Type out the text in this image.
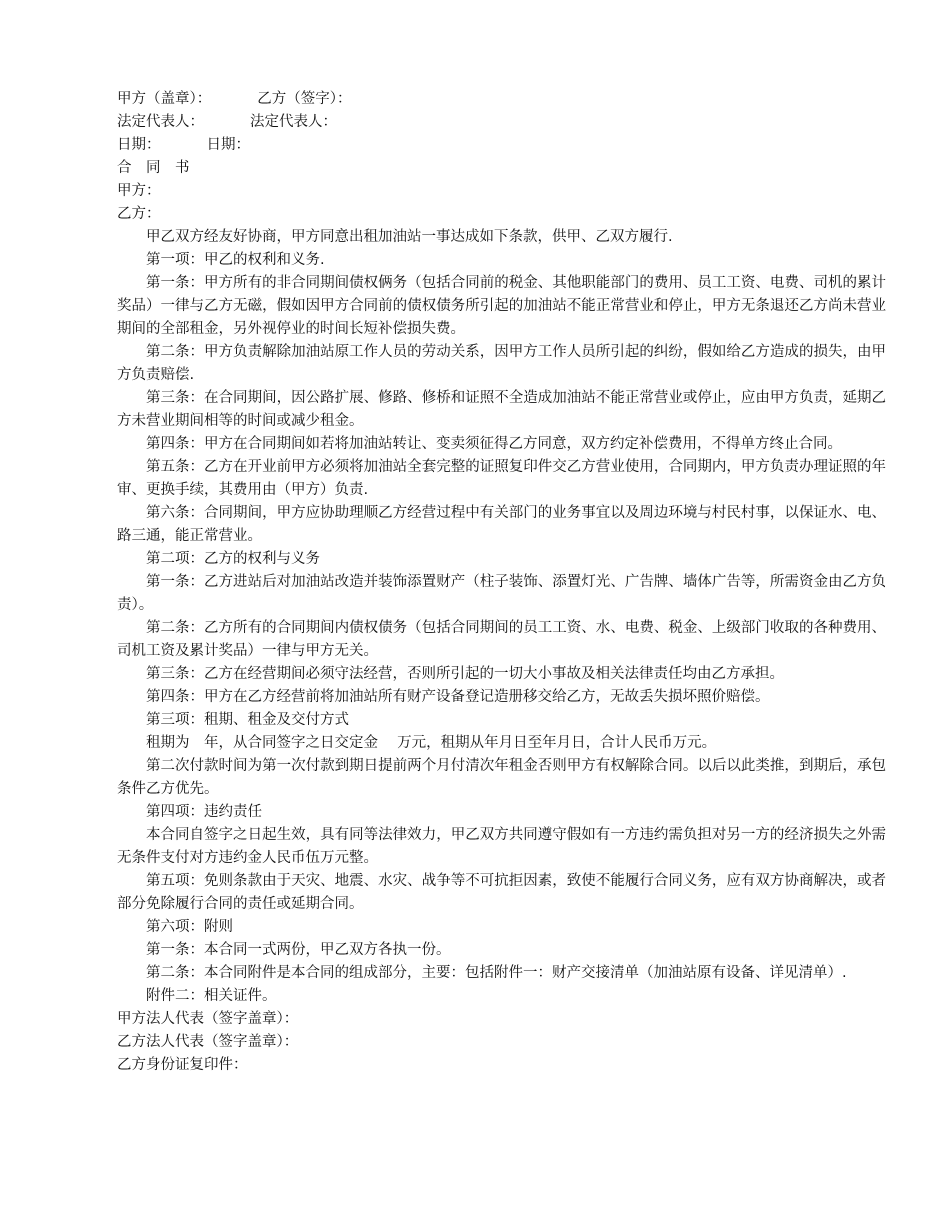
甲方（盖章）：	乙方（签字）：

法定代表人：	法定代表人：

日期：	日期：

合　同　书

甲方：

乙方：

甲乙双方经友好协商，甲方同意出租加油站一事达成如下条款，供甲、乙双方履行.

第一项：甲乙的权利和义务.

第一条：甲方所有的非合同期间债权俩务（包括合同前的税金、其他职能部门的费用、员工工资、电费、司机的累计奖品）一律与乙方无磁，假如因甲方合同前的债权债务所引起的加油站不能正常营业和停止，甲方无条退还乙方尚未营业期间的全部租金，另外视停业的时间长短补偿损失费。

第二条：甲方负责解除加油站原工作人员的劳动关系，因甲方工作人员所引起的纠纷，假如给乙方造成的损失，由甲方负责赔偿.

第三条：在合同期间，因公路扩展、修路、修桥和证照不全造成加油站不能正常营业或停止，应由甲方负责，延期乙方未营业期间相等的时间或减少租金。

第四条：甲方在合同期间如若将加油站转让、变卖须征得乙方同意，双方约定补偿费用，不得单方终止合同。

第五条：乙方在开业前甲方必须将加油站全套完整的证照复印件交乙方营业使用，合同期内，甲方负责办理证照的年审、更换手续，其费用由（甲方）负责.

第六条：合同期间，甲方应协助理顺乙方经营过程中有关部门的业务事宜以及周边环境与村民村事，以保证水、电、路三通，能正常营业。

第二项：乙方的权利与义务

第一条：乙方进站后对加油站改造并装饰添置财产（柱子装饰、添置灯光、广告牌、墙体广告等，所需资金由乙方负责）。

第二条：乙方所有的合同期间内债权债务（包括合同期间的员工工资、水、电费、税金、上级部门收取的各种费用、司机工资及累计奖品）一律与甲方无关。

第三条：乙方在经营期间必须守法经营，否则所引起的一切大小事故及相关法律责任均由乙方承担。

第四条：甲方在乙方经营前将加油站所有财产设备登记造册移交给乙方，无故丢失损坏照价赔偿。

第三项：租期、租金及交付方式

租期为　年，从合同签字之日交定金　 万元，租期从年月日至年月日，合计人民币万元。

第二次付款时间为第一次付款到期日提前两个月付清次年租金否则甲方有权解除合同。以后以此类推，到期后，承包条件乙方优先。

第四项：违约责任

本合同自签字之日起生效，具有同等法律效力，甲乙双方共同遵守假如有一方违约需负担对另一方的经济损失之外需无条件支付对方违约金人民币伍万元整。

第五项：免则条款由于天灾、地震、水灾、战争等不可抗拒因素，致使不能履行合同义务，应有双方协商解决，或者部分免除履行合同的责任或延期合同。

第六项：附则

第一条：本合同一式两份，甲乙双方各执一份。

第二条：本合同附件是本合同的组成部分，主要：包括附件一：财产交接清单（加油站原有设备、详见清单）.

附件二：相关证件。

甲方法人代表（签字盖章）：

乙方法人代表（签字盖章）：

乙方身份证复印件：
